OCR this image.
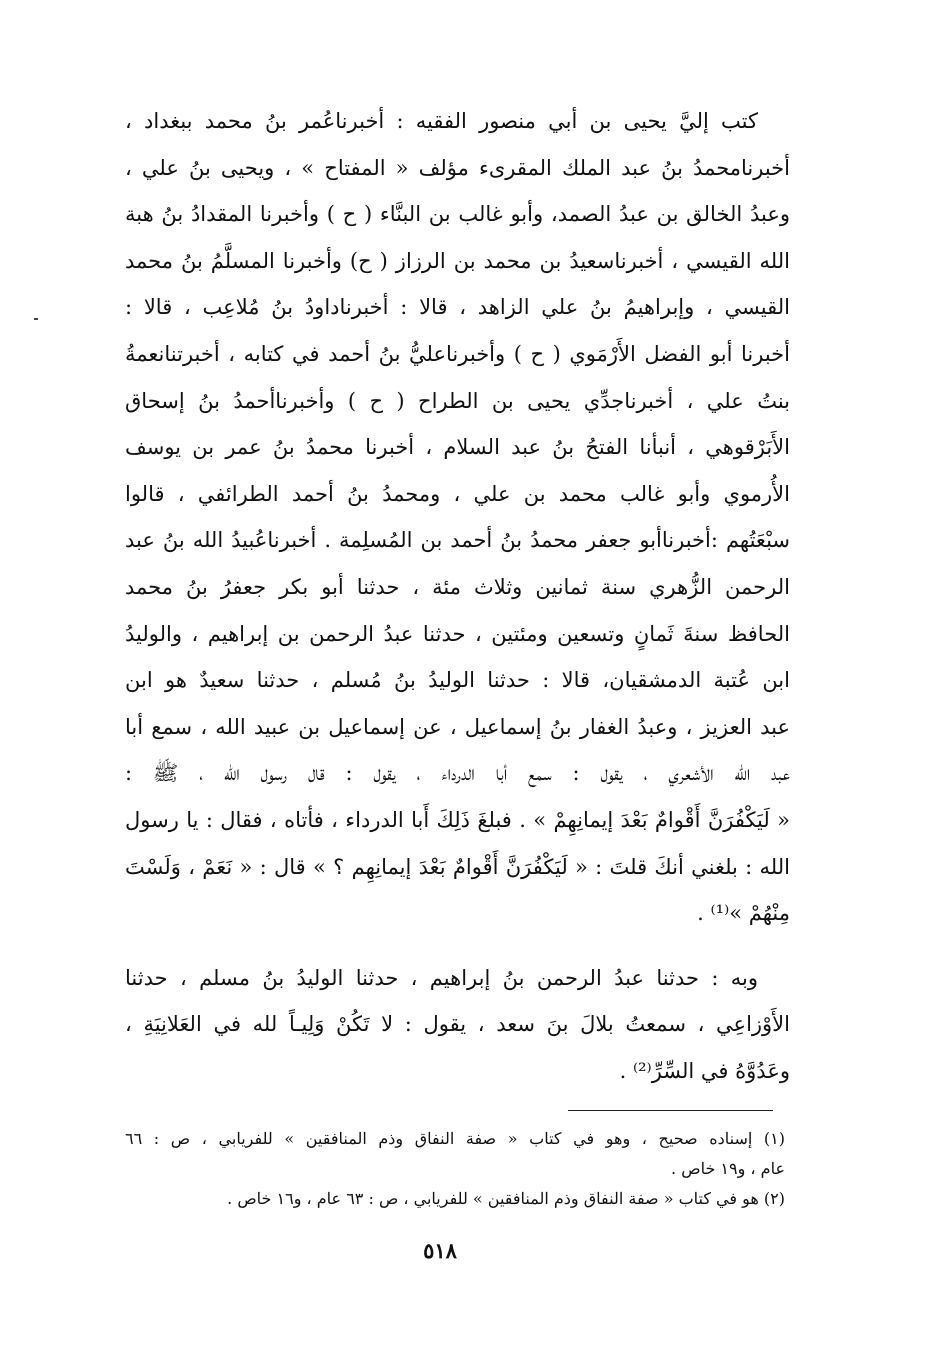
كتب إليَّ يحيى بن أبي منصور الفقيه : أخبرناعُمر بنُ محمد ببغداد ،
أخبرنامحمدُ بنُ عبد الملك المقرىء مؤلف « المفتاح » ، ويحيى بنُ علي ،
وعبدُ الخالق بن عبدُ الصمد، وأبو غالب بن البنَّاء ( ح ) وأخبرنا المقدادُ بنُ هبة
الله القيسي ، أخبرناسعيدُ بن محمد بن الرزاز ( ح) وأخبرنا المسلَّمُ بنُ محمد
القيسي ، وإبراهيمُ بنُ علي الزاهد ، قالا : أخبرناداودُ بنُ مُلاعِب ، قالا :
أخبرنا أبو الفضل الأَرْمَوي ( ح ) وأخبرناعليُّ بنُ أحمد في كتابه ، أخبرتنانعمةُ
بنتُ علي ، أخبرناجدِّي يحيى بن الطراح ( ح ) وأخبرناأحمدُ بنُ إسحاق
الأَبَرْقوهي ، أنبأنا الفتحُ بنُ عبد السلام ، أخبرنا محمدُ بنُ عمر بن يوسف
الأُرموي وأبو غالب محمد بن علي ، ومحمدُ بنُ أحمد الطرائفي ، قالوا
سبْعَتُهم :أخبرناأبو جعفر محمدُ بنُ أحمد بن المُسلِمة . أخبرناعُبيدُ الله بنُ عبد
الرحمن الزُّهري سنة ثمانين وثلاث مئة ، حدثنا أبو بكر جعفرُ بنُ محمد
الحافظ سنةَ ثَمانٍ وتسعين ومئتين ، حدثنا عبدُ الرحمن بن إبراهيم ، والوليدُ
ابن عُتبة الدمشقيان، قالا : حدثنا الوليدُ بنُ مُسلم ، حدثنا سعيدٌ هو ابن
عبد العزيز ، وعبدُ الغفار بنُ إسماعيل ، عن إسماعيل بن عبيد الله ، سمع أبا
عبد الله الأشعري ، يقول : سمع أبا الدرداء ، يقول : قال رسول الله ، ﷺ :
« لَيَكْفُرَنَّ أَقْوامٌ بَعْدَ إيمانِهِمْ » . فبلغَ ذَلِكَ أَبا الدرداء ، فأتاه ، فقال : يا رسول
الله : بلغني أنكَ قلتَ : « لَيَكْفُرَنَّ أَقْوامٌ بَعْدَ إيمانِهِم ؟ » قال : « نَعَمْ ، وَلَسْتَ
مِنْهُمْ »⁽¹⁾ .
وبه : حدثنا عبدُ الرحمن بنُ إبراهيم ، حدثنا الوليدُ بنُ مسلم ، حدثنا
الأَوْزاعِي ، سمعتُ بلالَ بنَ سعد ، يقول : لا تَكُنْ وَلِيـاً لله في العَلانِيَةِ ،
وعَدُوَّهُ في السِّرِّ⁽²⁾ .
(١) إسناده صحيح ، وهو في كتاب « صفة النفاق وذم المنافقين » للفريابي ، ص : ٦٦
عام ، و١٩ خاص .
(٢) هو في كتاب « صفة النفاق وذم المنافقين » للفريابي ، ص : ٦٣ عام ، و١٦ خاص .
٥١٨
